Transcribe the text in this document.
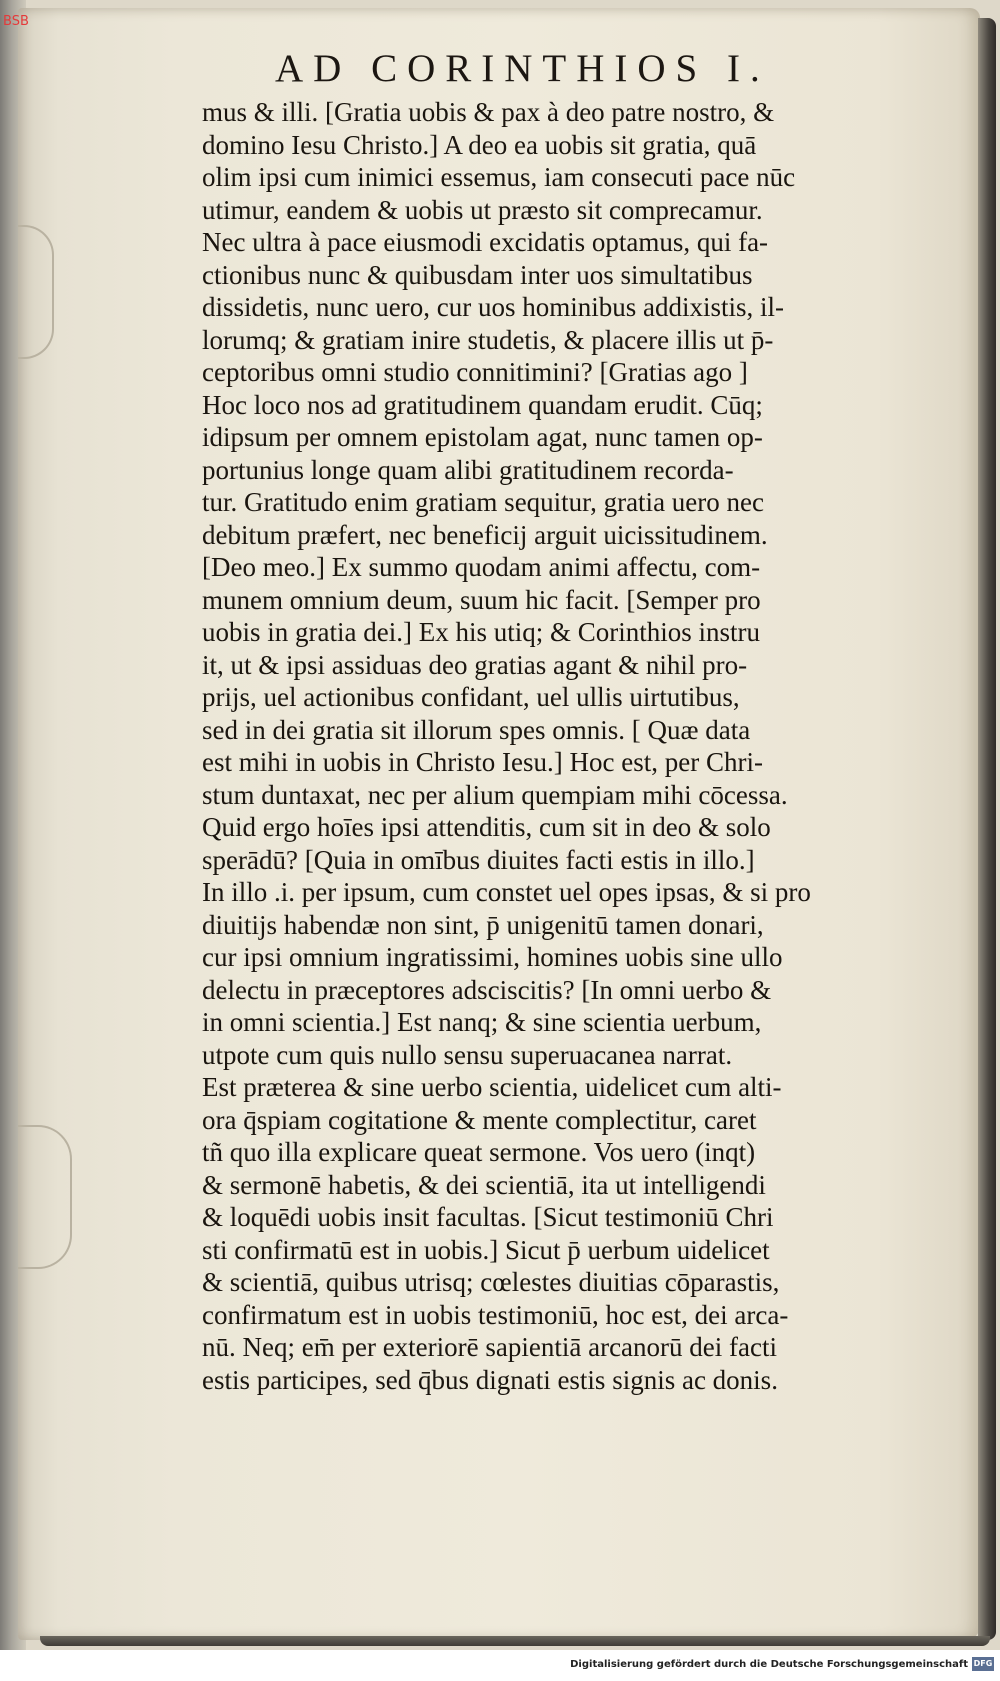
BSB
AD CORINTHIOS I.
mus & illi. [Gratia uobis & pax à deo patre nostro, &
domino Iesu Christo.] A deo ea uobis sit gratia, quā
olim ipsi cum inimici essemus, iam consecuti pace nūc
utimur, eandem & uobis ut præsto sit comprecamur.
Nec ultra à pace eiusmodi excidatis optamus, qui fa-
ctionibus nunc & quibusdam inter uos simultatibus
dissidetis, nunc uero, cur uos hominibus addixistis, il-
lorumq; & gratiam inire studetis, & placere illis ut p̄-
ceptoribus omni studio connitimini? [Gratias ago ]
Hoc loco nos ad gratitudinem quandam erudit. Cūq;
idipsum per omnem epistolam agat, nunc tamen op-
portunius longe quam alibi gratitudinem recorda-
tur. Gratitudo enim gratiam sequitur, gratia uero nec
debitum præfert, nec beneficij arguit uicissitudinem.
[Deo meo.] Ex summo quodam animi affectu, com-
munem omnium deum, suum hic facit. [Semper pro
uobis in gratia dei.] Ex his utiq; & Corinthios instru
it, ut & ipsi assiduas deo gratias agant & nihil pro-
prijs, uel actionibus confidant, uel ullis uirtutibus,
sed in dei gratia sit illorum spes omnis. [ Quæ data
est mihi in uobis in Christo Iesu.] Hoc est, per Chri-
stum duntaxat, nec per alium quempiam mihi cōcessa.
Quid ergo hoīes ipsi attenditis, cum sit in deo & solo
sperādū? [Quia in omībus diuites facti estis in illo.]
In illo .i. per ipsum, cum constet uel opes ipsas, & si pro
diuitijs habendæ non sint, p̄ unigenitū tamen donari,
cur ipsi omnium ingratissimi, homines uobis sine ullo
delectu in præceptores adsciscitis? [In omni uerbo &
in omni scientia.] Est nanq; & sine scientia uerbum,
utpote cum quis nullo sensu superuacanea narrat.
Est præterea & sine uerbo scientia, uidelicet cum alti-
ora q̄spiam cogitatione & mente complectitur, caret
tñ quo illa explicare queat sermone. Vos uero (inqt)
& sermonē habetis, & dei scientiā, ita ut intelligendi
& loquēdi uobis insit facultas. [Sicut testimoniū Chri
sti confirmatū est in uobis.] Sicut p̄ uerbum uidelicet
& scientiā, quibus utrisq; cœlestes diuitias cōparastis,
confirmatum est in uobis testimoniū, hoc est, dei arca-
nū. Neq; em̄ per exteriorē sapientiā arcanorū dei facti
estis participes, sed q̄bus dignati estis signis ac donis.
Digitalisierung gefördert durch die Deutsche Forschungsgemeinschaft DFG
